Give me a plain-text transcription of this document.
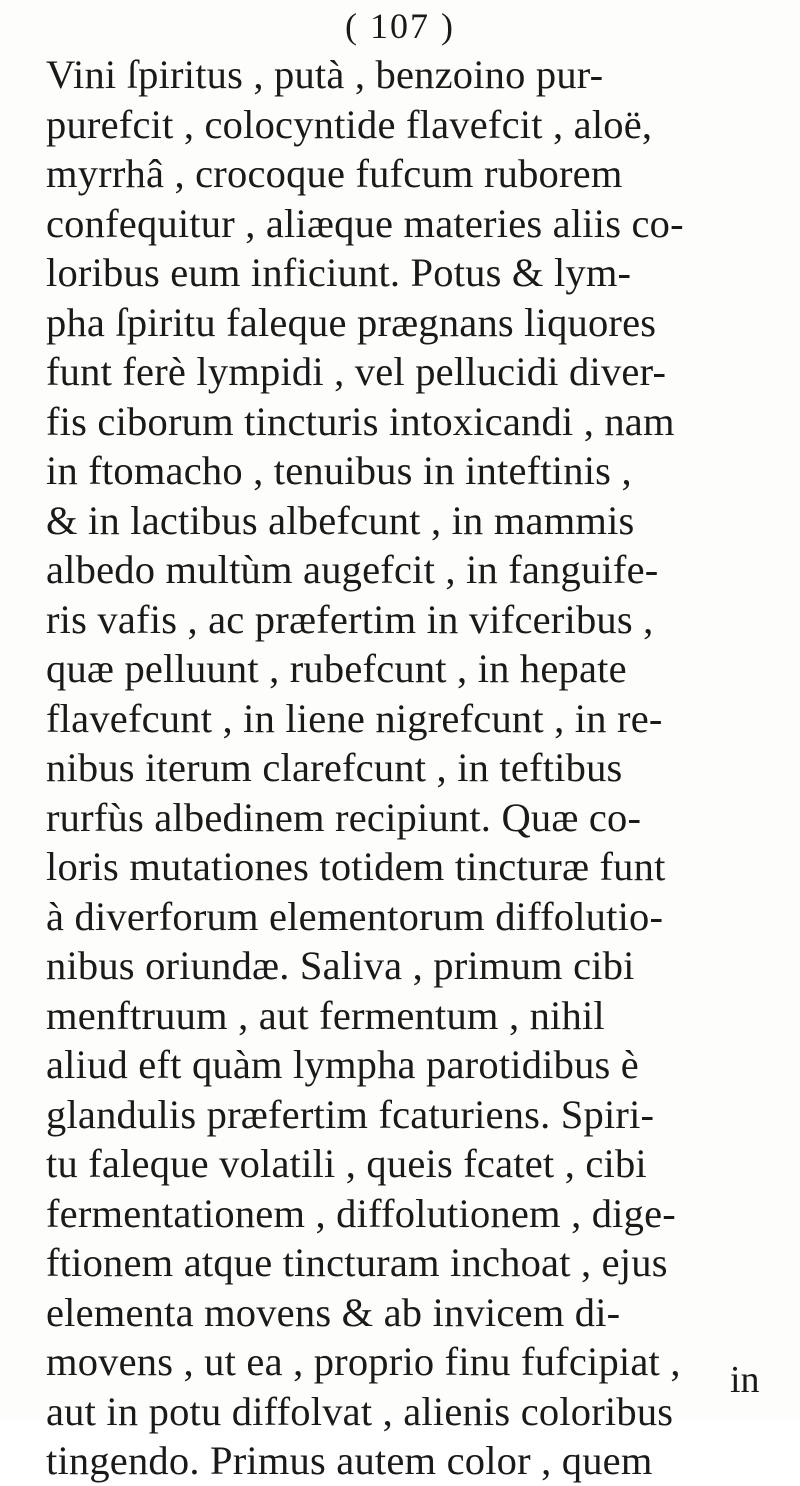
( 107 )
Vini ſpiritus , putà , benzoino pur-
purefcit , colocyntide flavefcit , aloë,
myrrhâ , crocoque fufcum ruborem
confequitur , aliæque materies aliis co-
loribus eum inficiunt. Potus & lym-
pha ſpiritu faleque prægnans liquores
funt ferè lympidi , vel pellucidi diver-
fis ciborum tincturis intoxicandi , nam
in ftomacho , tenuibus in inteftinis ,
& in lactibus albefcunt , in mammis
albedo multùm augefcit , in fanguife-
ris vafis , ac præfertim in vifceribus ,
quæ pelluunt , rubefcunt , in hepate
flavefcunt , in liene nigrefcunt , in re-
nibus iterum clarefcunt , in teftibus
rurfùs albedinem recipiunt. Quæ co-
loris mutationes totidem tincturæ funt
à diverforum elementorum diffolutio-
nibus oriundæ. Saliva , primum cibi
menftruum , aut fermentum , nihil
aliud eft quàm lympha parotidibus è
glandulis præfertim fcaturiens. Spiri-
tu faleque volatili , queis fcatet , cibi
fermentationem , diffolutionem , dige-
ftionem atque tincturam inchoat , ejus
elementa movens & ab invicem di-
movens , ut ea , proprio finu fufcipiat ,
aut in potu diffolvat , alienis coloribus
tingendo. Primus autem color , quem
in
